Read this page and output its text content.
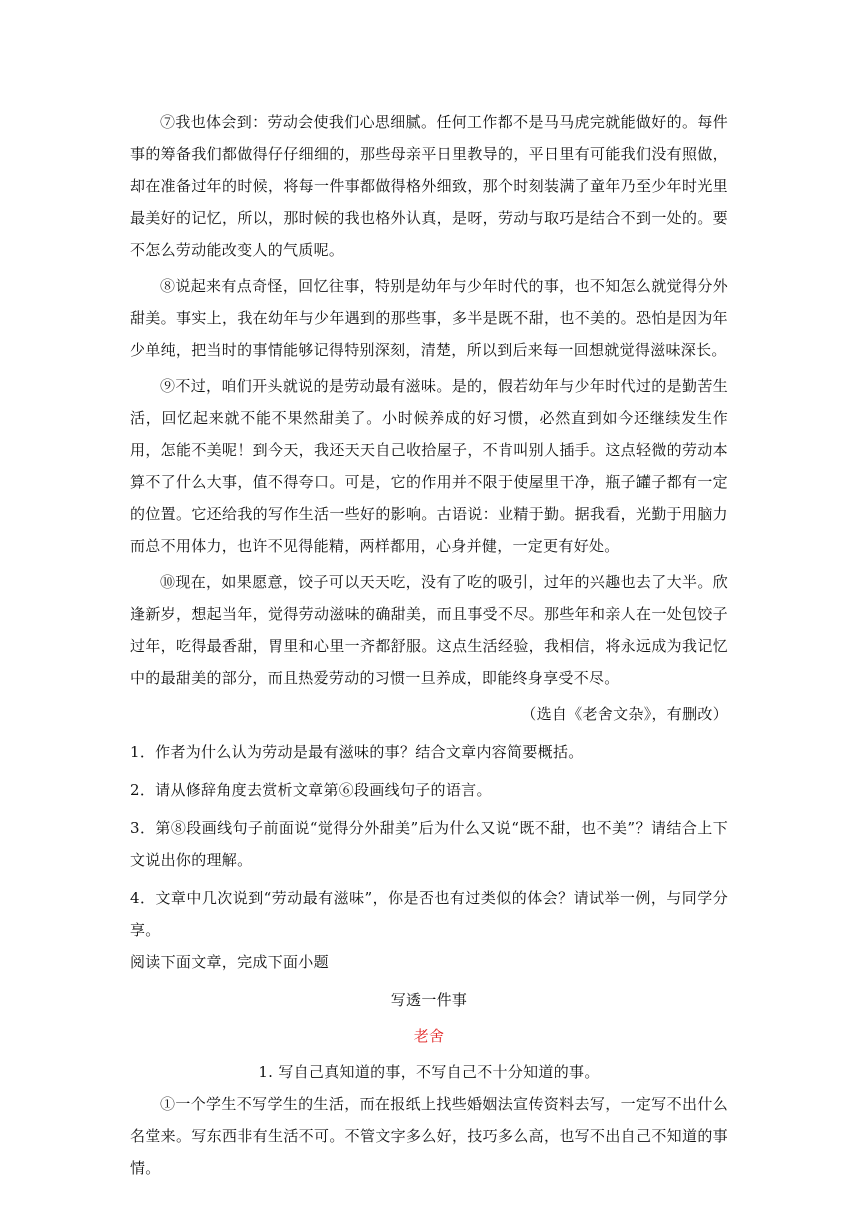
⑦我也体会到：劳动会使我们心思细腻。任何工作都不是马马虎完就能做好的。每件事的筹备我们都做得仔仔细细的，那些母亲平日里教导的，平日里有可能我们没有照做，却在准备过年的时候，将每一件事都做得格外细致，那个时刻装满了童年乃至少年时光里最美好的记忆，所以，那时候的我也格外认真，是呀，劳动与取巧是结合不到一处的。要不怎么劳动能改变人的气质呢。

⑧说起来有点奇怪，回忆往事，特别是幼年与少年时代的事，也不知怎么就觉得分外甜美。事实上，我在幼年与少年遇到的那些事，多半是既不甜，也不美的。恐怕是因为年少单纯，把当时的事情能够记得特别深刻，清楚，所以到后来每一回想就觉得滋味深长。

⑨不过，咱们开头就说的是劳动最有滋味。是的，假若幼年与少年时代过的是勤苦生活，回忆起来就不能不果然甜美了。小时候养成的好习惯，必然直到如今还继续发生作用，怎能不美呢！到今天，我还天天自己收拾屋子，不肯叫别人插手。这点轻微的劳动本算不了什么大事，值不得夸口。可是，它的作用并不限于使屋里干净，瓶子罐子都有一定的位置。它还给我的写作生活一些好的影响。古语说：业精于勤。据我看，光勤于用脑力而总不用体力，也许不见得能精，两样都用，心身并健，一定更有好处。

⑩现在，如果愿意，饺子可以天天吃，没有了吃的吸引，过年的兴趣也去了大半。欣逢新岁，想起当年，觉得劳动滋味的确甜美，而且事受不尽。那些年和亲人在一处包饺子过年，吃得最香甜，胃里和心里一齐都舒服。这点生活经验，我相信，将永远成为我记忆中的最甜美的部分，而且热爱劳动的习惯一旦养成，即能终身享受不尽。

（选自《老舍文杂》，有删改）

1．作者为什么认为劳动是最有滋味的事？结合文章内容简要概括。

2．请从修辞角度去赏析文章第⑥段画线句子的语言。

3．第⑧段画线句子前面说“觉得分外甜美”后为什么又说“既不甜，也不美”？请结合上下文说出你的理解。

4．文章中几次说到“劳动最有滋味”，你是否也有过类似的体会？请试举一例，与同学分享。

阅读下面文章，完成下面小题

写透一件事

老舍

1. 写自己真知道的事，不写自己不十分知道的事。

①一个学生不写学生的生活，而在报纸上找些婚姻法宣传资料去写，一定写不出什么名堂来。写东西非有生活不可。不管文字多么好，技巧多么高，也写不出自己不知道的事情。
